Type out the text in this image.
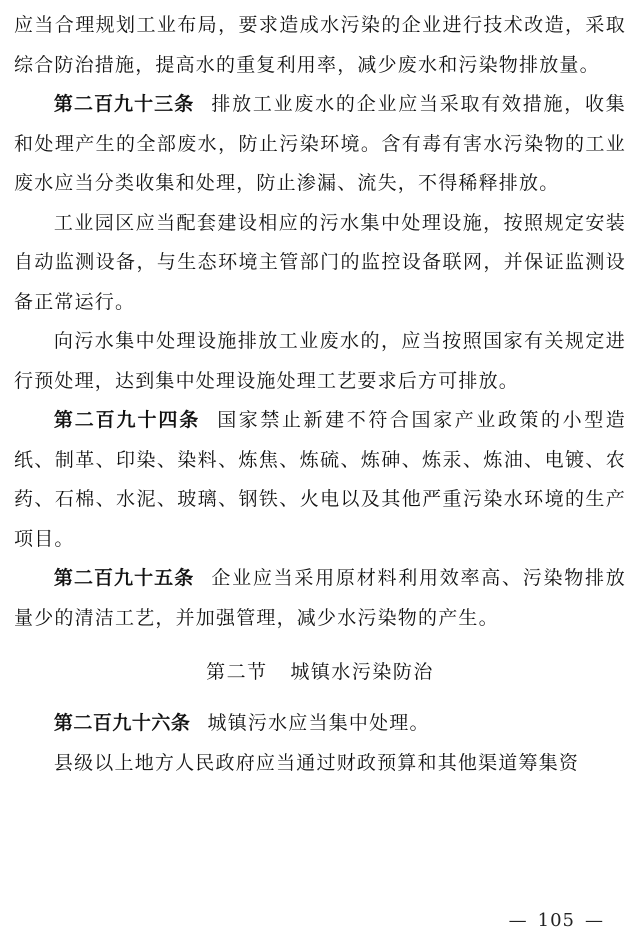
应当合理规划工业布局，要求造成水污染的企业进行技术改造，采取综合防治措施，提高水的重复利用率，减少废水和污染物排放量。

第二百九十三条 排放工业废水的企业应当采取有效措施，收集和处理产生的全部废水，防止污染环境。含有毒有害水污染物的工业废水应当分类收集和处理，防止渗漏、流失，不得稀释排放。

工业园区应当配套建设相应的污水集中处理设施，按照规定安装自动监测设备，与生态环境主管部门的监控设备联网，并保证监测设备正常运行。

向污水集中处理设施排放工业废水的，应当按照国家有关规定进行预处理，达到集中处理设施处理工艺要求后方可排放。

第二百九十四条 国家禁止新建不符合国家产业政策的小型造纸、制革、印染、染料、炼焦、炼硫、炼砷、炼汞、炼油、电镀、农药、石棉、水泥、玻璃、钢铁、火电以及其他严重污染水环境的生产项目。

第二百九十五条 企业应当采用原材料利用效率高、污染物排放量少的清洁工艺，并加强管理，减少水污染物的产生。

第二节 城镇水污染防治

第二百九十六条 城镇污水应当集中处理。

县级以上地方人民政府应当通过财政预算和其他渠道筹集资

— 105 —
